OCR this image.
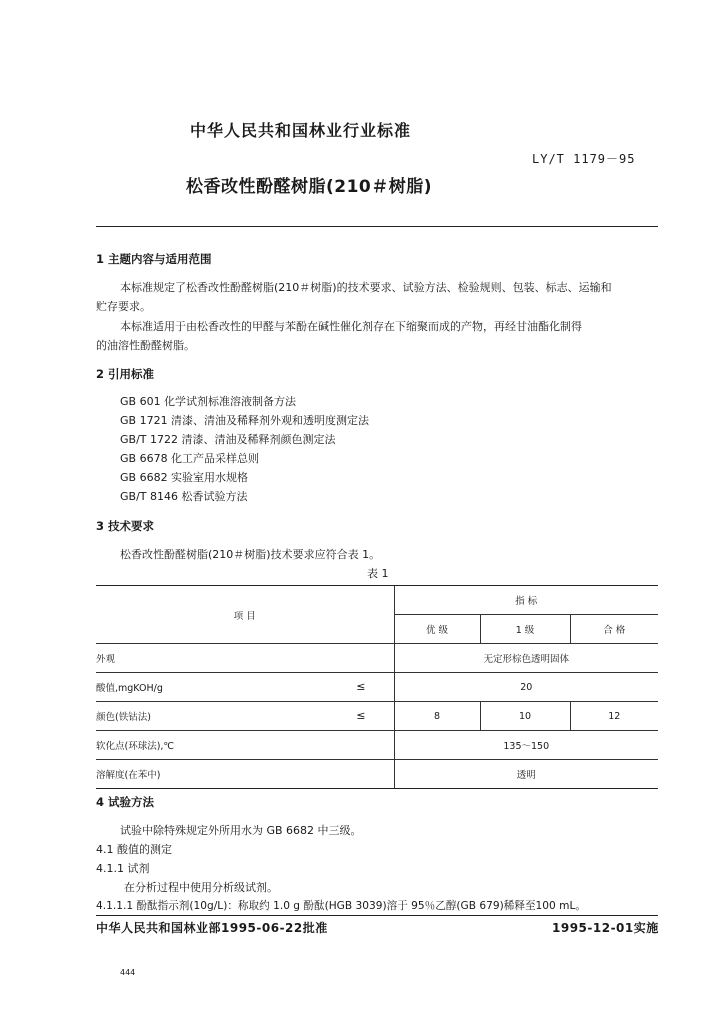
中华人民共和国林业行业标准
LY/T 1179－95
松香改性酚醛树脂(210＃树脂)
1 主题内容与适用范围
本标准规定了松香改性酚醛树脂(210＃树脂)的技术要求、试验方法、检验规则、包装、标志、运输和
贮存要求。
本标准适用于由松香改性的甲醛与苯酚在碱性催化剂存在下缩聚而成的产物，再经甘油酯化制得
的油溶性酚醛树脂。
2 引用标准
GB 601 化学试剂标准溶液制备方法
GB 1721 清漆、清油及稀释剂外观和透明度测定法
GB/T 1722 清漆、清油及稀释剂颜色测定法
GB 6678 化工产品采样总则
GB 6682 实验室用水规格
GB/T 8146 松香试验方法
3 技术要求
松香改性酚醛树脂(210＃树脂)技术要求应符合表 1。
表 1
项 目	指 标		
	优 级	1 级	合 格
外观	无定形棕色透明固体		
酸值,mgKOH/g ≤	20		
颜色(铁钴法) ≤	8	10	12
软化点(环球法),℃	135～150		
溶解度(在苯中)	透明		
4 试验方法
试验中除特殊规定外所用水为 GB 6682 中三级。
4.1 酸值的测定
4.1.1 试剂
在分析过程中使用分析级试剂。
4.1.1.1 酚酞指示剂(10g/L)：称取约 1.0 g 酚酞(HGB 3039)溶于 95％乙醇(GB 679)稀释至100 mL。
中华人民共和国林业部1995-06-22批准	1995-12-01实施
444
